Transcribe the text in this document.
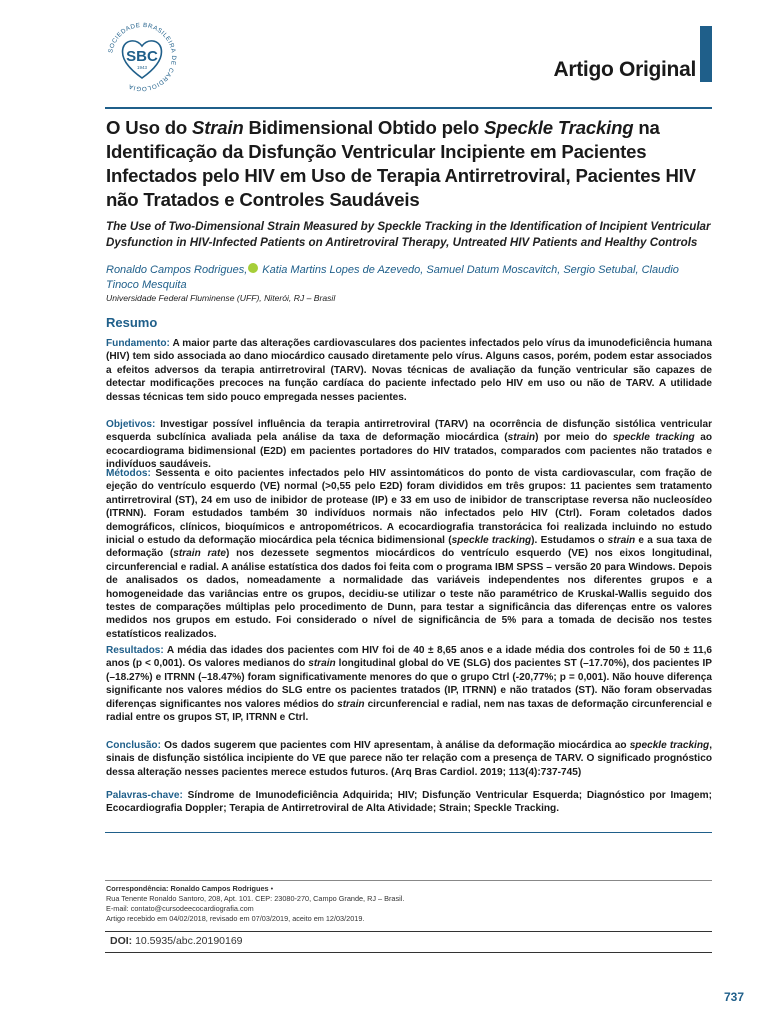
SOCIEDADE BRASILEIRA DE CARDIOLOGIA
SBC
1943	Artigo Original
O Uso do Strain Bidimensional Obtido pelo Speckle Tracking na Identificação da Disfunção Ventricular Incipiente em Pacientes Infectados pelo HIV em Uso de Terapia Antirretroviral, Pacientes HIV não Tratados e Controles Saudáveis
The Use of Two-Dimensional Strain Measured by Speckle Tracking in the Identification of Incipient Ventricular Dysfunction in HIV-Infected Patients on Antiretroviral Therapy, Untreated HIV Patients and Healthy Controls
Ronaldo Campos Rodrigues, Katia Martins Lopes de Azevedo, Samuel Datum Moscavitch, Sergio Setubal, Claudio Tinoco Mesquita
Universidade Federal Fluminense (UFF), Niterói, RJ – Brasil
Resumo

Fundamento: A maior parte das alterações cardiovasculares dos pacientes infectados pelo vírus da imunodeficiência humana (HIV) tem sido associada ao dano miocárdico causado diretamente pelo vírus. Alguns casos, porém, podem estar associados a efeitos adversos da terapia antirretroviral (TARV). Novas técnicas de avaliação da função ventricular são capazes de detectar modificações precoces na função cardíaca do paciente infectado pelo HIV em uso ou não de TARV. A utilidade dessas técnicas tem sido pouco empregada nesses pacientes.

Objetivos: Investigar possível influência da terapia antirretroviral (TARV) na ocorrência de disfunção sistólica ventricular esquerda subclínica avaliada pela análise da taxa de deformação miocárdica (strain) por meio do speckle tracking ao ecocardiograma bidimensional (E2D) em pacientes portadores do HIV tratados, comparados com pacientes não tratados e indivíduos saudáveis.

Métodos: Sessenta e oito pacientes infectados pelo HIV assintomáticos do ponto de vista cardiovascular, com fração de ejeção do ventrículo esquerdo (VE) normal (>0,55 pelo E2D) foram divididos em três grupos: 11 pacientes sem tratamento antirretroviral (ST), 24 em uso de inibidor de protease (IP) e 33 em uso de inibidor de transcriptase reversa não nucleosídeo (ITRNN). Foram estudados também 30 indivíduos normais não infectados pelo HIV (Ctrl). Foram coletados dados demográficos, clínicos, bioquímicos e antropométricos. A ecocardiografia transtorácica foi realizada incluindo no estudo inicial o estudo da deformação miocárdica pela técnica bidimensional (speckle tracking). Estudamos o strain e a sua taxa de deformação (strain rate) nos dezessete segmentos miocárdicos do ventrículo esquerdo (VE) nos eixos longitudinal, circunferencial e radial. A análise estatística dos dados foi feita com o programa IBM SPSS – versão 20 para Windows. Depois de analisados os dados, nomeadamente a normalidade das variáveis independentes nos diferentes grupos e a homogeneidade das variâncias entre os grupos, decidiu-se utilizar o teste não paramétrico de Kruskal-Wallis seguido dos testes de comparações múltiplas pelo procedimento de Dunn, para testar a significância das diferenças entre os valores medidos nos grupos em estudo. Foi considerado o nível de significância de 5% para a tomada de decisão nos testes estatísticos realizados.

Resultados: A média das idades dos pacientes com HIV foi de 40 ± 8,65 anos e a idade média dos controles foi de 50 ± 11,6 anos (p < 0,001). Os valores medianos do strain longitudinal global do VE (SLG) dos pacientes ST (–17.70%), dos pacientes IP (–18.27%) e ITRNN (–18.47%) foram significativamente menores do que o grupo Ctrl (-20,77%; p = 0,001). Não houve diferença significante nos valores médios do SLG entre os pacientes tratados (IP, ITRNN) e não tratados (ST). Não foram observadas diferenças significantes nos valores médios do strain circunferencial e radial, nem nas taxas de deformação circunferencial e radial entre os grupos ST, IP, ITRNN e Ctrl.

Conclusão: Os dados sugerem que pacientes com HIV apresentam, à análise da deformação miocárdica ao speckle tracking, sinais de disfunção sistólica incipiente do VE que parece não ter relação com a presença de TARV. O significado prognóstico dessa alteração nesses pacientes merece estudos futuros. (Arq Bras Cardiol. 2019; 113(4):737-745)

Palavras-chave: Síndrome de Imunodeficiência Adquirida; HIV; Disfunção Ventricular Esquerda; Diagnóstico por Imagem; Ecocardiografia Doppler; Terapia de Antirretroviral de Alta Atividade; Strain; Speckle Tracking.

Correspondência: Ronaldo Campos Rodrigues •
Rua Tenente Ronaldo Santoro, 208, Apt. 101. CEP: 23080-270, Campo Grande, RJ – Brasil.
E-mail: contato@cursodeecocardiografia.com
Artigo recebido em 04/02/2018, revisado em 07/03/2019, aceito em 12/03/2019.
DOI: 10.5935/abc.20190169
737
